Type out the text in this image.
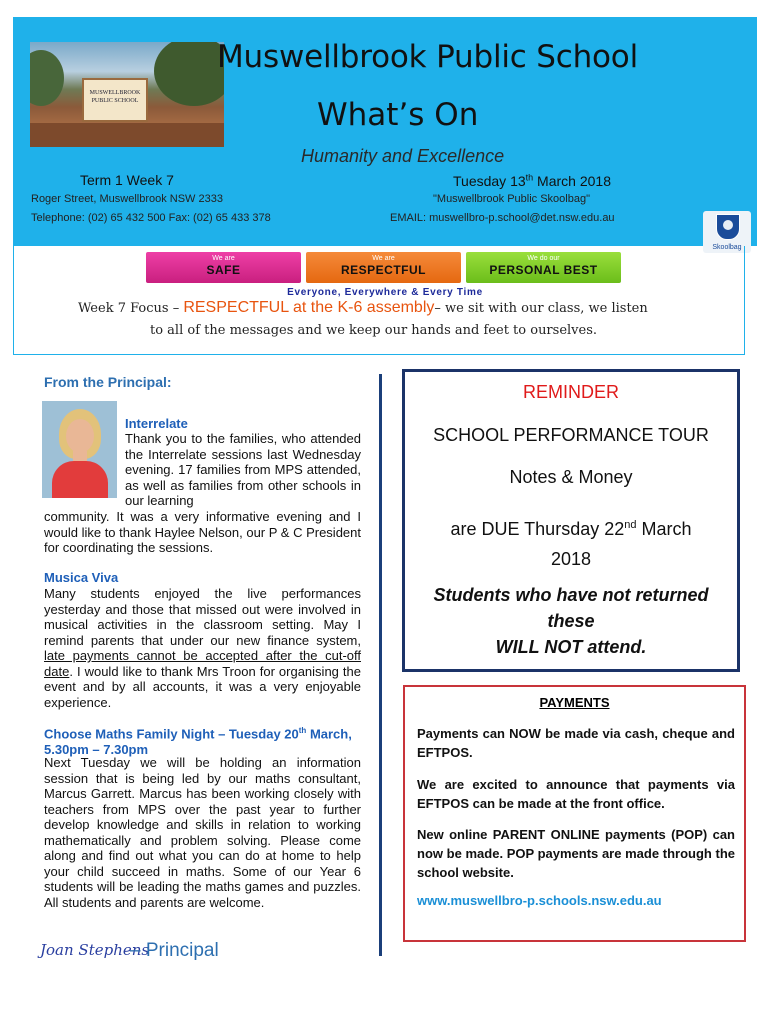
MUSWELLBROOK PUBLIC SCHOOL
Skoolbag
Muswellbrook Public School
What’s On
Humanity and Excellence
Term 1 Week 7	Tuesday 13th March 2018
Roger Street, Muswellbrook NSW 2333
Telephone: (02) 65 432 500 Fax: (02) 65 433 378
"Muswellbrook Public Skoolbag"
EMAIL: muswellbro-p.school@det.nsw.edu.au
We are
SAFE
We are
RESPECTFUL
We do our
PERSONAL BEST
Everyone, Everywhere & Every Time
Week 7 Focus – RESPECTFUL at the K-6 assembly– we sit with our class, we listen
to all of the messages and we keep our hands and feet to ourselves.
From the Principal:
Interrelate
Thank you to the families, who attended the Interrelate sessions last Wednesday evening. 17 families from MPS attended, as well as families from other schools in our learning
community. It was a very informative evening and I would like to thank Haylee Nelson, our P & C President for coordinating the sessions.
Musica Viva
Many students enjoyed the live performances yesterday and those that missed out were involved in musical activities in the classroom setting. May I remind parents that under our new finance system, late payments cannot be accepted after the cut-off date. I would like to thank Mrs Troon for organising the event and by all accounts, it was a very enjoyable experience.
Choose Maths Family Night – Tuesday 20th March, 5.30pm – 7.30pm
Next Tuesday we will be holding an information session that is being led by our maths consultant, Marcus Garrett. Marcus has been working closely with teachers from MPS over the past year to further develop knowledge and skills in relation to working mathematically and problem solving. Please come along and find out what you can do at home to help your child succeed in maths. Some of our Year 6 students will be leading the maths games and puzzles. All students and parents are welcome.
Joan Stephens
– Principal
REMINDER
SCHOOL PERFORMANCE TOUR
Notes & Money
are DUE Thursday 22nd March
2018
Students who have not returned
these
WILL NOT attend.
PAYMENTS
Payments can NOW be made via cash, cheque and EFTPOS.
We are excited to announce that payments via EFTPOS can be made at the front office.
New online PARENT ONLINE payments (POP) can now be made. POP payments are made through the school website.
www.muswellbro-p.schools.nsw.edu.au
